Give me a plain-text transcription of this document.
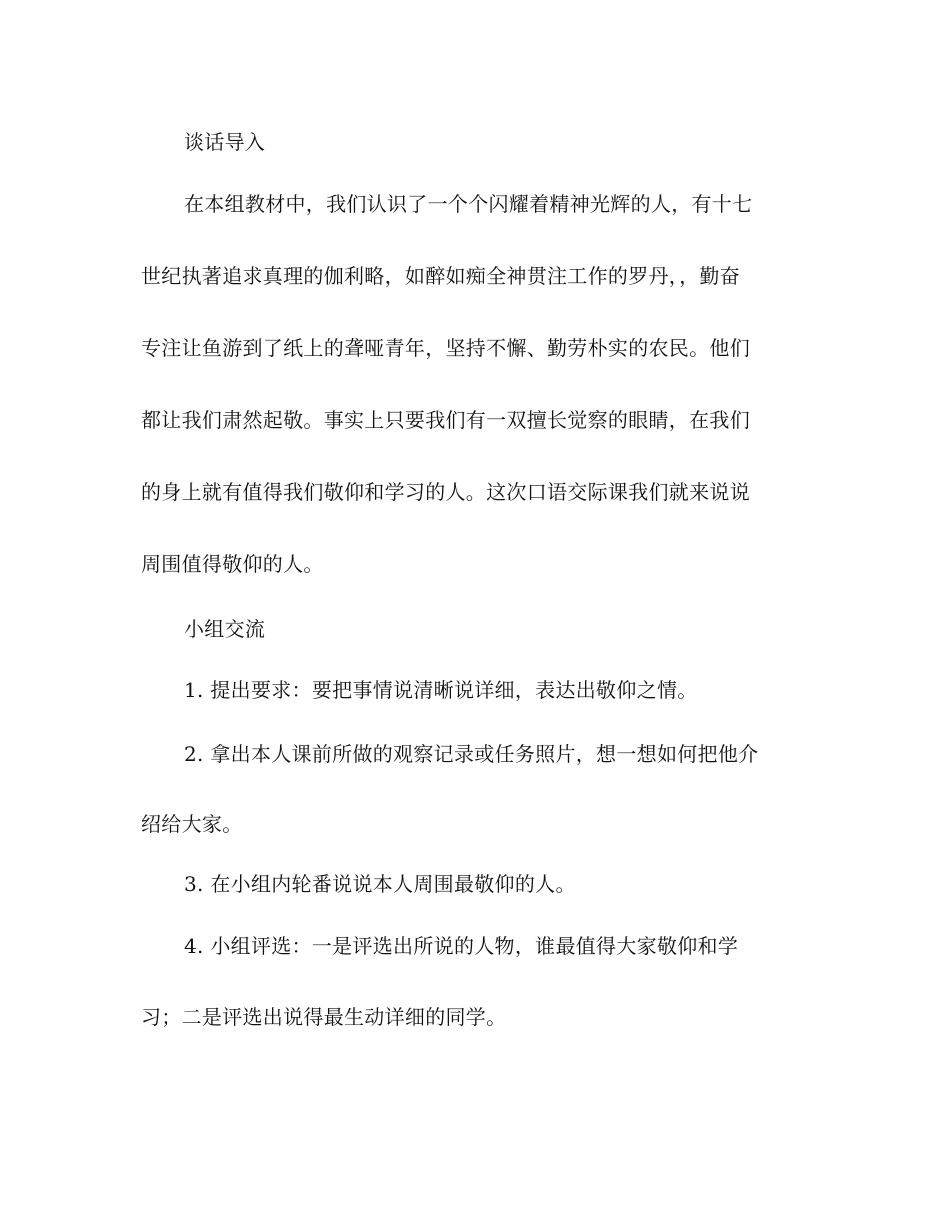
谈话导入
在本组教材中，我们认识了一个个闪耀着精神光辉的人，有十七
世纪执著追求真理的伽利略，如醉如痴全神贯注工作的罗丹，，勤奋
专注让鱼游到了纸上的聋哑青年，坚持不懈、勤劳朴实的农民。他们
都让我们肃然起敬。事实上只要我们有一双擅长觉察的眼睛，在我们
的身上就有值得我们敬仰和学习的人。这次口语交际课我们就来说说
周围值得敬仰的人。
小组交流
1. 提出要求：要把事情说清晰说详细，表达出敬仰之情。
2. 拿出本人课前所做的观察记录或任务照片，想一想如何把他介
绍给大家。
3. 在小组内轮番说说本人周围最敬仰的人。
4. 小组评选：一是评选出所说的人物，谁最值得大家敬仰和学
习；二是评选出说得最生动详细的同学。
